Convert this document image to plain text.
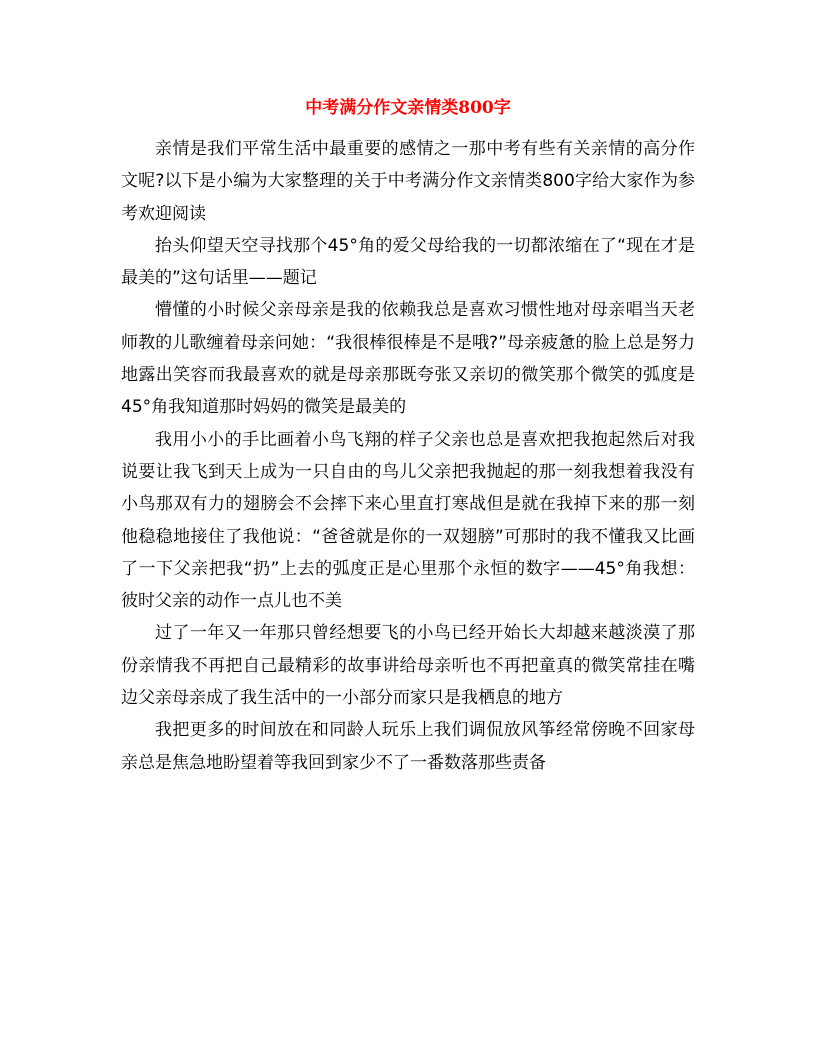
中考满分作文亲情类800字

亲情是我们平常生活中最重要的感情之一那中考有些有关亲情的高分作文呢?以下是小编为大家整理的关于中考满分作文亲情类800字给大家作为参考欢迎阅读

抬头仰望天空寻找那个45°角的爱父母给我的一切都浓缩在了“现在才是最美的”这句话里——题记

懵懂的小时候父亲母亲是我的依赖我总是喜欢习惯性地对母亲唱当天老师教的儿歌缠着母亲问她：“我很棒很棒是不是哦?”母亲疲惫的脸上总是努力地露出笑容而我最喜欢的就是母亲那既夸张又亲切的微笑那个微笑的弧度是45°角我知道那时妈妈的微笑是最美的

我用小小的手比画着小鸟飞翔的样子父亲也总是喜欢把我抱起然后对我说要让我飞到天上成为一只自由的鸟儿父亲把我抛起的那一刻我想着我没有小鸟那双有力的翅膀会不会摔下来心里直打寒战但是就在我掉下来的那一刻他稳稳地接住了我他说：“爸爸就是你的一双翅膀”可那时的我不懂我又比画了一下父亲把我“扔”上去的弧度正是心里那个永恒的数字——45°角我想：彼时父亲的动作一点儿也不美

过了一年又一年那只曾经想要飞的小鸟已经开始长大却越来越淡漠了那份亲情我不再把自己最精彩的故事讲给母亲听也不再把童真的微笑常挂在嘴边父亲母亲成了我生活中的一小部分而家只是我栖息的地方

我把更多的时间放在和同龄人玩乐上我们调侃放风筝经常傍晚不回家母亲总是焦急地盼望着等我回到家少不了一番数落那些责备
